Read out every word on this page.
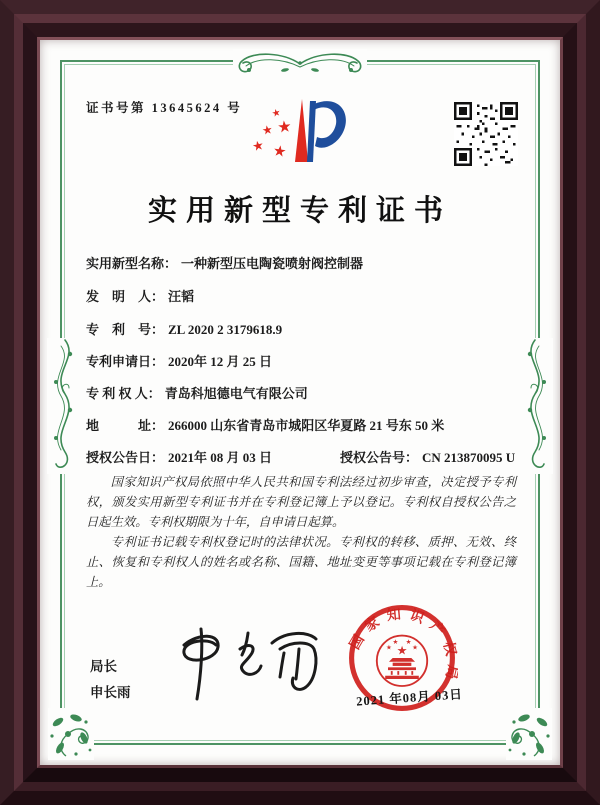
证书号第 13645624 号	★
★ ★
★ ★
实用新型专利证书
实用新型名称： 一种新型压电陶瓷喷射阀控制器
发　明　人： 汪韬
专　利　号： ZL 2020 2 3179618.9
专利申请日： 2020年 12 月 25 日
专 利 权 人： 青岛科旭德电气有限公司
地　　　址： 266000 山东省青岛市城阳区华夏路 21 号东 50 米
授权公告日： 2021年 08 月 03 日	授权公告号： CN 213870095 U

国家知识产权局依照中华人民共和国专利法经过初步审查，决定授予专利权，颁发实用新型专利证书并在专利登记簿上予以登记。专利权自授权公告之日起生效。专利权期限为十年，自申请日起算。

专利证书记载专利权登记时的法律状况。专利权的转移、质押、无效、终止、恢复和专利权人的姓名或名称、国籍、地址变更等事项记载在专利登记簿上。

局长
申长雨
国家知识产权局
★
★
★ ★
★
2021 年08月 03日
